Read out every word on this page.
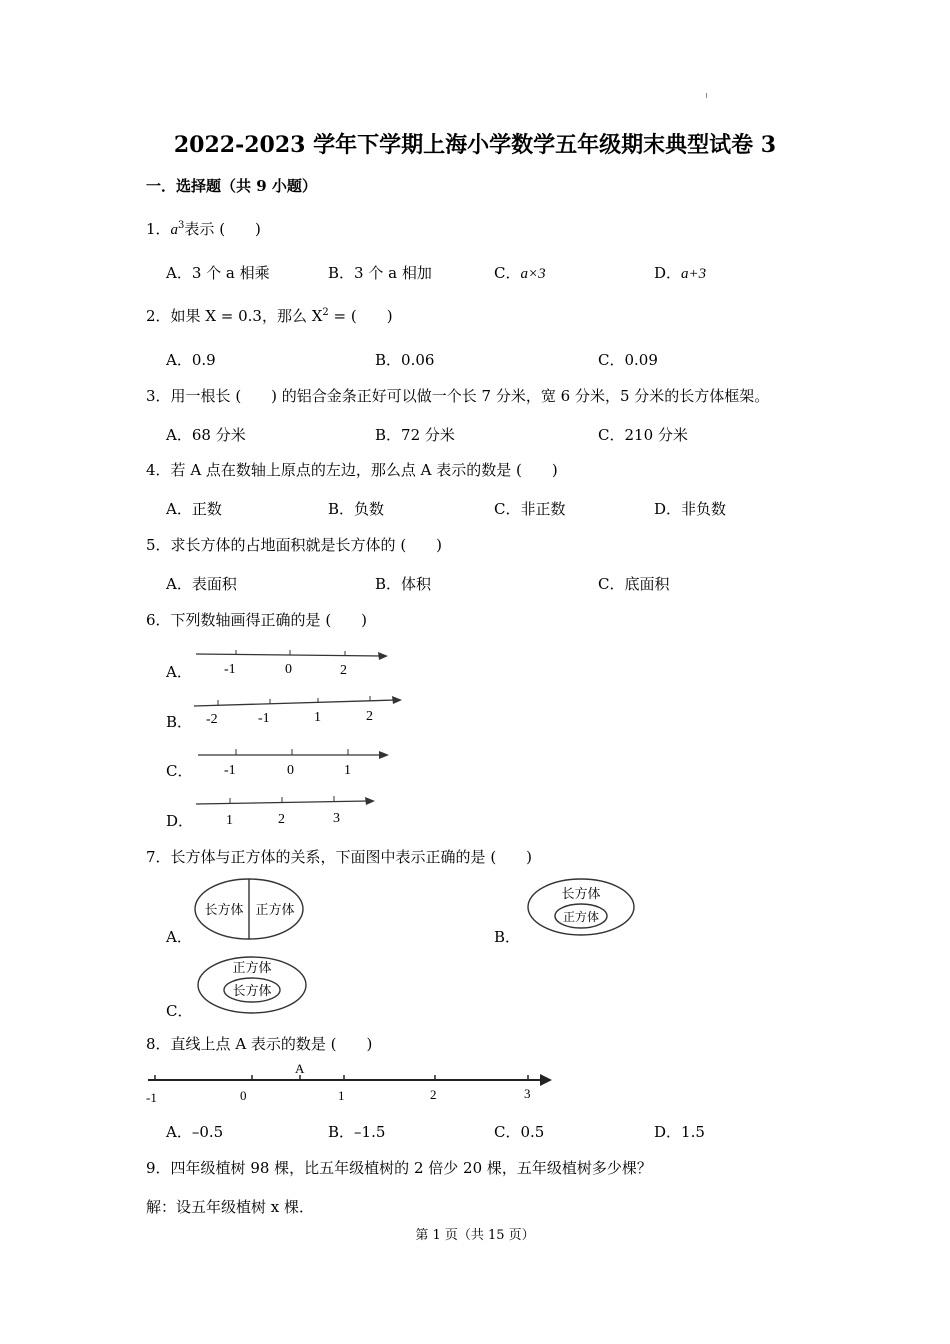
2022-2023 学年下学期上海小学数学五年级期末典型试卷 3
一．选择题（共 9 小题）
1．$a^3$表示 (　　)
A．3 个 a 相乘	B．3 个 a 相加	C．a×3	D．a+3
2．如果 X = 0.3，那么 $X^2$ = (　　)
A．0.9	B．0.06	C．0.09
3．用一根长 (　　) 的铝合金条正好可以做一个长 7 分米，宽 6 分米，5 分米的长方体框架。
A．68 分米	B．72 分米	C．210 分米
4．若 A 点在数轴上原点的左边，那么点 A 表示的数是 (　　)
A．正数	B．负数	C．非正数	D．非负数
5．求长方体的占地面积就是长方体的 (　　)
A．表面积	B．体积	C．底面积
6．下列数轴画得正确的是 (　　)
A． -1	0	2
B． -2	-1	1	2
C． -1	0	1
D． 1	2	3
7．长方体与正方体的关系，下面图中表示正确的是 (　　)
A．
长方体 正方体
B．
长方体
正方体
C．
正方体
长方体
8．直线上点 A 表示的数是 (　　)
A
-1	0	1	2	3
A．–0.5	B．–1.5	C．0.5	D．1.5
9．四年级植树 98 棵，比五年级植树的 2 倍少 20 棵，五年级植树多少棵？
解：设五年级植树 x 棵．
第 1 页（共 15 页）
